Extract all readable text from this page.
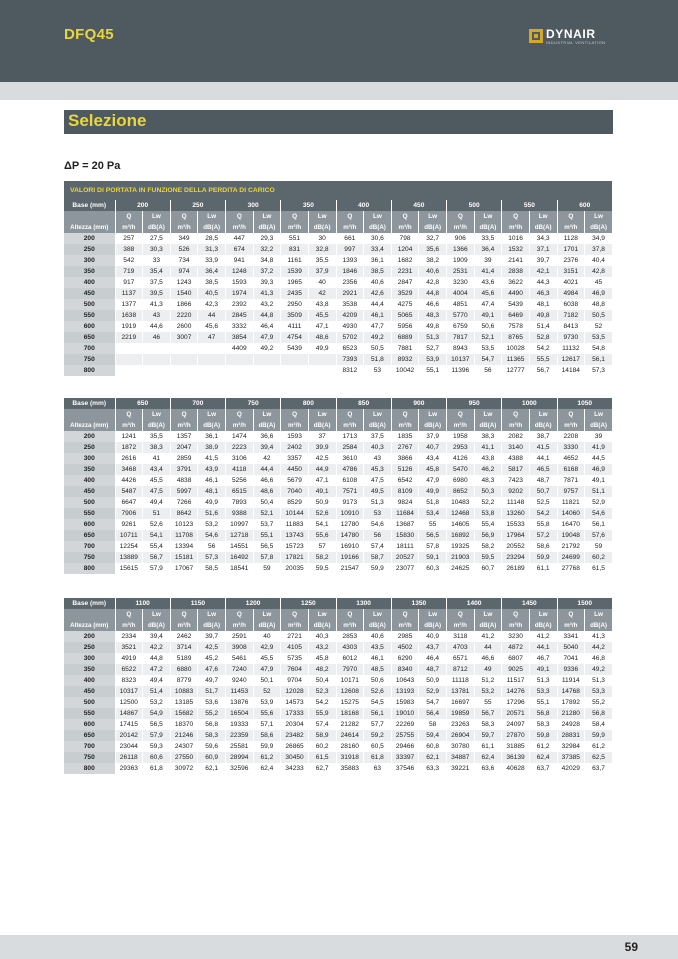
DFQ45	DYNAIR
INDUSTRIAL VENTILATION
Selezione
ΔP = 20 Pa
VALORI DI PORTATA IN FUNZIONE DELLA PERDITA DI CARICO																		
Base (mm)	200		250		300		350		400		450		500		550		600	
	Q	Lw	Q	Lw	Q	Lw	Q	Lw	Q	Lw	Q	Lw	Q	Lw	Q	Lw	Q	Lw
Altezza (mm)	m³/h	dB(A)	m³/h	dB(A)	m³/h	dB(A)	m³/h	dB(A)	m³/h	dB(A)	m³/h	dB(A)	m³/h	dB(A)	m³/h	dB(A)	m³/h	dB(A)
200	257	27,5	349	28,5	447	29,3	551	30	661	30,6	798	32,7	906	33,5	1016	34,3	1128	34,9
250	388	30,3	526	31,3	674	32,2	831	32,8	997	33,4	1204	35,6	1366	36,4	1532	37,1	1701	37,8
300	542	33	734	33,9	941	34,8	1161	35,5	1393	36,1	1682	38,2	1909	39	2141	39,7	2376	40,4
350	719	35,4	974	36,4	1248	37,2	1539	37,9	1846	38,5	2231	40,6	2531	41,4	2838	42,1	3151	42,8
400	917	37,5	1243	38,5	1593	39,3	1965	40	2356	40,6	2847	42,8	3230	43,6	3622	44,3	4021	45
450	1137	39,5	1540	40,5	1974	41,3	2435	42	2921	42,6	3529	44,8	4004	45,6	4490	46,3	4984	46,9
500	1377	41,3	1866	42,3	2392	43,2	2950	43,8	3538	44,4	4275	46,6	4851	47,4	5439	48,1	6038	48,8
550	1638	43	2220	44	2845	44,8	3509	45,5	4209	46,1	5065	48,3	5770	49,1	6469	49,8	7182	50,5
600	1919	44,6	2600	45,6	3332	46,4	4111	47,1	4930	47,7	5956	49,8	6759	50,6	7578	51,4	8413	52
650	2219	46	3007	47	3854	47,9	4754	48,6	5702	49,2	6889	51,3	7817	52,1	8765	52,8	9730	53,5
700					4409	49,2	5439	49,9	6523	50,5	7881	52,7	8943	53,5	10028	54,2	11132	54,8
750									7393	51,8	8932	53,9	10137	54,7	11365	55,5	12617	56,1
800									8312	53	10042	55,1	11396	56	12777	56,7	14184	57,3
Base (mm)	650		700		750		800		850		900		950		1000		1050	
	Q	Lw	Q	Lw	Q	Lw	Q	Lw	Q	Lw	Q	Lw	Q	Lw	Q	Lw	Q	Lw
Altezza (mm)	m³/h	dB(A)	m³/h	dB(A)	m³/h	dB(A)	m³/h	dB(A)	m³/h	dB(A)	m³/h	dB(A)	m³/h	dB(A)	m³/h	dB(A)	m³/h	dB(A)
200	1241	35,5	1357	36,1	1474	36,6	1593	37	1713	37,5	1835	37,9	1958	38,3	2082	38,7	2208	39
250	1872	38,3	2047	38,9	2223	39,4	2402	39,9	2584	40,3	2767	40,7	2953	41,1	3140	41,5	3330	41,9
300	2616	41	2859	41,5	3106	42	3357	42,5	3610	43	3866	43,4	4126	43,8	4388	44,1	4652	44,5
350	3468	43,4	3791	43,9	4118	44,4	4450	44,9	4786	45,3	5126	45,8	5470	46,2	5817	46,5	6168	46,9
400	4426	45,5	4838	46,1	5256	46,6	5679	47,1	6108	47,5	6542	47,9	6980	48,3	7423	48,7	7871	49,1
450	5487	47,5	5997	48,1	6515	48,6	7040	49,1	7571	49,5	8109	49,9	8652	50,3	9202	50,7	9757	51,1
500	6647	49,4	7266	49,9	7893	50,4	8529	50,9	9173	51,3	9824	51,8	10483	52,2	11148	52,5	11821	52,9
550	7906	51	8642	51,6	9388	52,1	10144	52,6	10910	53	11684	53,4	12468	53,8	13260	54,2	14060	54,6
600	9261	52,6	10123	53,2	10997	53,7	11883	54,1	12780	54,6	13687	55	14605	55,4	15533	55,8	16470	56,1
650	10711	54,1	11708	54,6	12718	55,1	13743	55,6	14780	56	15830	56,5	16892	56,9	17964	57,2	19048	57,6
700	12254	55,4	13394	56	14551	56,5	15723	57	16910	57,4	18111	57,8	19325	58,2	20552	58,6	21792	59
750	13889	56,7	15181	57,3	16492	57,8	17821	58,2	19166	58,7	20527	59,1	21903	59,5	23294	59,9	24699	60,2
800	15615	57,9	17067	58,5	18541	59	20035	59,5	21547	59,9	23077	60,3	24625	60,7	26189	61,1	27768	61,5
Base (mm)	1100		1150		1200		1250		1300		1350		1400		1450		1500	
	Q	Lw	Q	Lw	Q	Lw	Q	Lw	Q	Lw	Q	Lw	Q	Lw	Q	Lw	Q	Lw
Altezza (mm)	m³/h	dB(A)	m³/h	dB(A)	m³/h	dB(A)	m³/h	dB(A)	m³/h	dB(A)	m³/h	dB(A)	m³/h	dB(A)	m³/h	dB(A)	m³/h	dB(A)
200	2334	39,4	2462	39,7	2591	40	2721	40,3	2853	40,6	2985	40,9	3118	41,2	3230	41,2	3341	41,3
250	3521	42,2	3714	42,5	3908	42,9	4105	43,2	4303	43,5	4502	43,7	4703	44	4872	44,1	5040	44,2
300	4919	44,8	5189	45,2	5461	45,5	5735	45,8	6012	46,1	6290	46,4	6571	46,6	6807	46,7	7041	46,8
350	6522	47,2	6880	47,6	7240	47,9	7604	48,2	7970	48,5	8340	48,7	8712	49	9025	49,1	9336	49,2
400	8323	49,4	8779	49,7	9240	50,1	9704	50,4	10171	50,6	10643	50,9	11118	51,2	11517	51,3	11914	51,3
450	10317	51,4	10883	51,7	11453	52	12028	52,3	12608	52,6	13193	52,9	13781	53,2	14276	53,3	14768	53,3
500	12500	53,2	13185	53,6	13876	53,9	14573	54,2	15275	54,5	15983	54,7	16697	55	17296	55,1	17892	55,2
550	14867	54,9	15682	55,2	16504	55,6	17333	55,9	18168	56,1	19010	56,4	19859	56,7	20571	56,8	21280	56,8
600	17415	56,5	18370	56,8	19333	57,1	20304	57,4	21282	57,7	22269	58	23263	58,3	24097	58,3	24928	58,4
650	20142	57,9	21246	58,3	22359	58,6	23482	58,9	24614	59,2	25755	59,4	26904	59,7	27870	59,8	28831	59,9
700	23044	59,3	24307	59,6	25581	59,9	26865	60,2	28160	60,5	29466	60,8	30780	61,1	31885	61,2	32984	61,2
750	26118	60,6	27550	60,9	28994	61,2	30450	61,5	31918	61,8	33397	62,1	34887	62,4	36139	62,4	37385	62,5
800	29363	61,8	30972	62,1	32596	62,4	34233	62,7	35883	63	37546	63,3	39221	63,6	40628	63,7	42029	63,7
59
